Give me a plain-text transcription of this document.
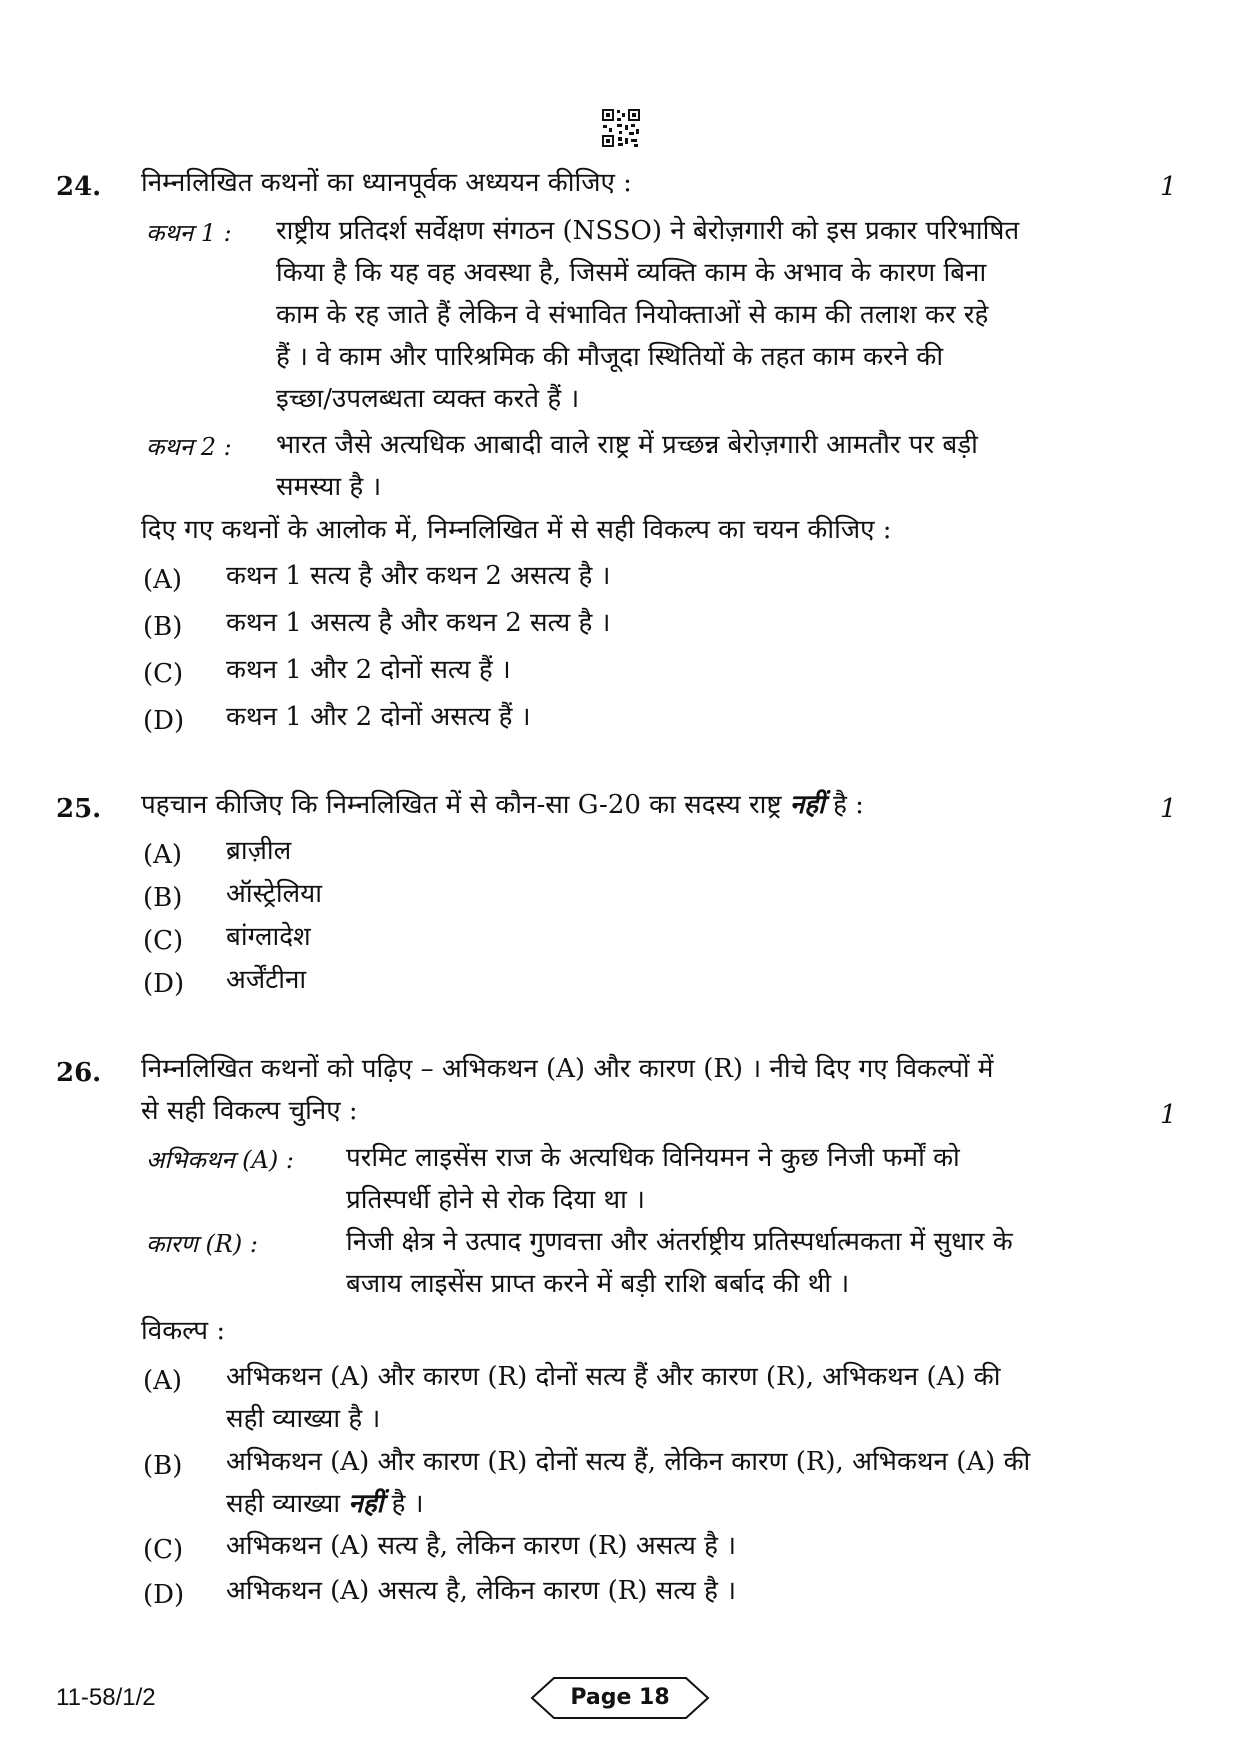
24. निम्नलिखित कथनों का ध्यानपूर्वक अध्ययन कीजिए :	1
कथन 1 : राष्ट्रीय प्रतिदर्श सर्वेक्षण संगठन (NSSO) ने बेरोज़गारी को इस प्रकार परिभाषित
किया है कि यह वह अवस्था है, जिसमें व्यक्ति काम के अभाव के कारण बिना
काम के रह जाते हैं लेकिन वे संभावित नियोक्ताओं से काम की तलाश कर रहे
हैं । वे काम और पारिश्रमिक की मौजूदा स्थितियों के तहत काम करने की
इच्छा/उपलब्धता व्यक्त करते हैं ।
कथन 2 : भारत जैसे अत्यधिक आबादी वाले राष्ट्र में प्रच्छन्न बेरोज़गारी आमतौर पर बड़ी
समस्या है ।
दिए गए कथनों के आलोक में, निम्नलिखित में से सही विकल्प का चयन कीजिए :
(A) कथन 1 सत्य है और कथन 2 असत्य है ।
(B) कथन 1 असत्य है और कथन 2 सत्य है ।
(C) कथन 1 और 2 दोनों सत्य हैं ।
(D) कथन 1 और 2 दोनों असत्य हैं ।
25. पहचान कीजिए कि निम्नलिखित में से कौन-सा G-20 का सदस्य राष्ट्र नहीं है :	1
(A) ब्राज़ील
(B) ऑस्ट्रेलिया
(C) बांग्लादेश
(D) अर्जेंटीना
26. निम्नलिखित कथनों को पढ़िए – अभिकथन (A) और कारण (R) । नीचे दिए गए विकल्पों में
से सही विकल्प चुनिए :	1
अभिकथन (A) : परमिट लाइसेंस राज के अत्यधिक विनियमन ने कुछ निजी फर्मों को
प्रतिस्पर्धी होने से रोक दिया था ।
कारण (R) :	निजी क्षेत्र ने उत्पाद गुणवत्ता और अंतर्राष्ट्रीय प्रतिस्पर्धात्मकता में सुधार के
बजाय लाइसेंस प्राप्त करने में बड़ी राशि बर्बाद की थी ।
विकल्प :
(A) अभिकथन (A) और कारण (R) दोनों सत्य हैं और कारण (R), अभिकथन (A) की
सही व्याख्या है ।
(B) अभिकथन (A) और कारण (R) दोनों सत्य हैं, लेकिन कारण (R), अभिकथन (A) की
सही व्याख्या नहीं है ।
(C) अभिकथन (A) सत्य है, लेकिन कारण (R) असत्य है ।
(D) अभिकथन (A) असत्य है, लेकिन कारण (R) सत्य है ।
11-58/1/2	Page 18
